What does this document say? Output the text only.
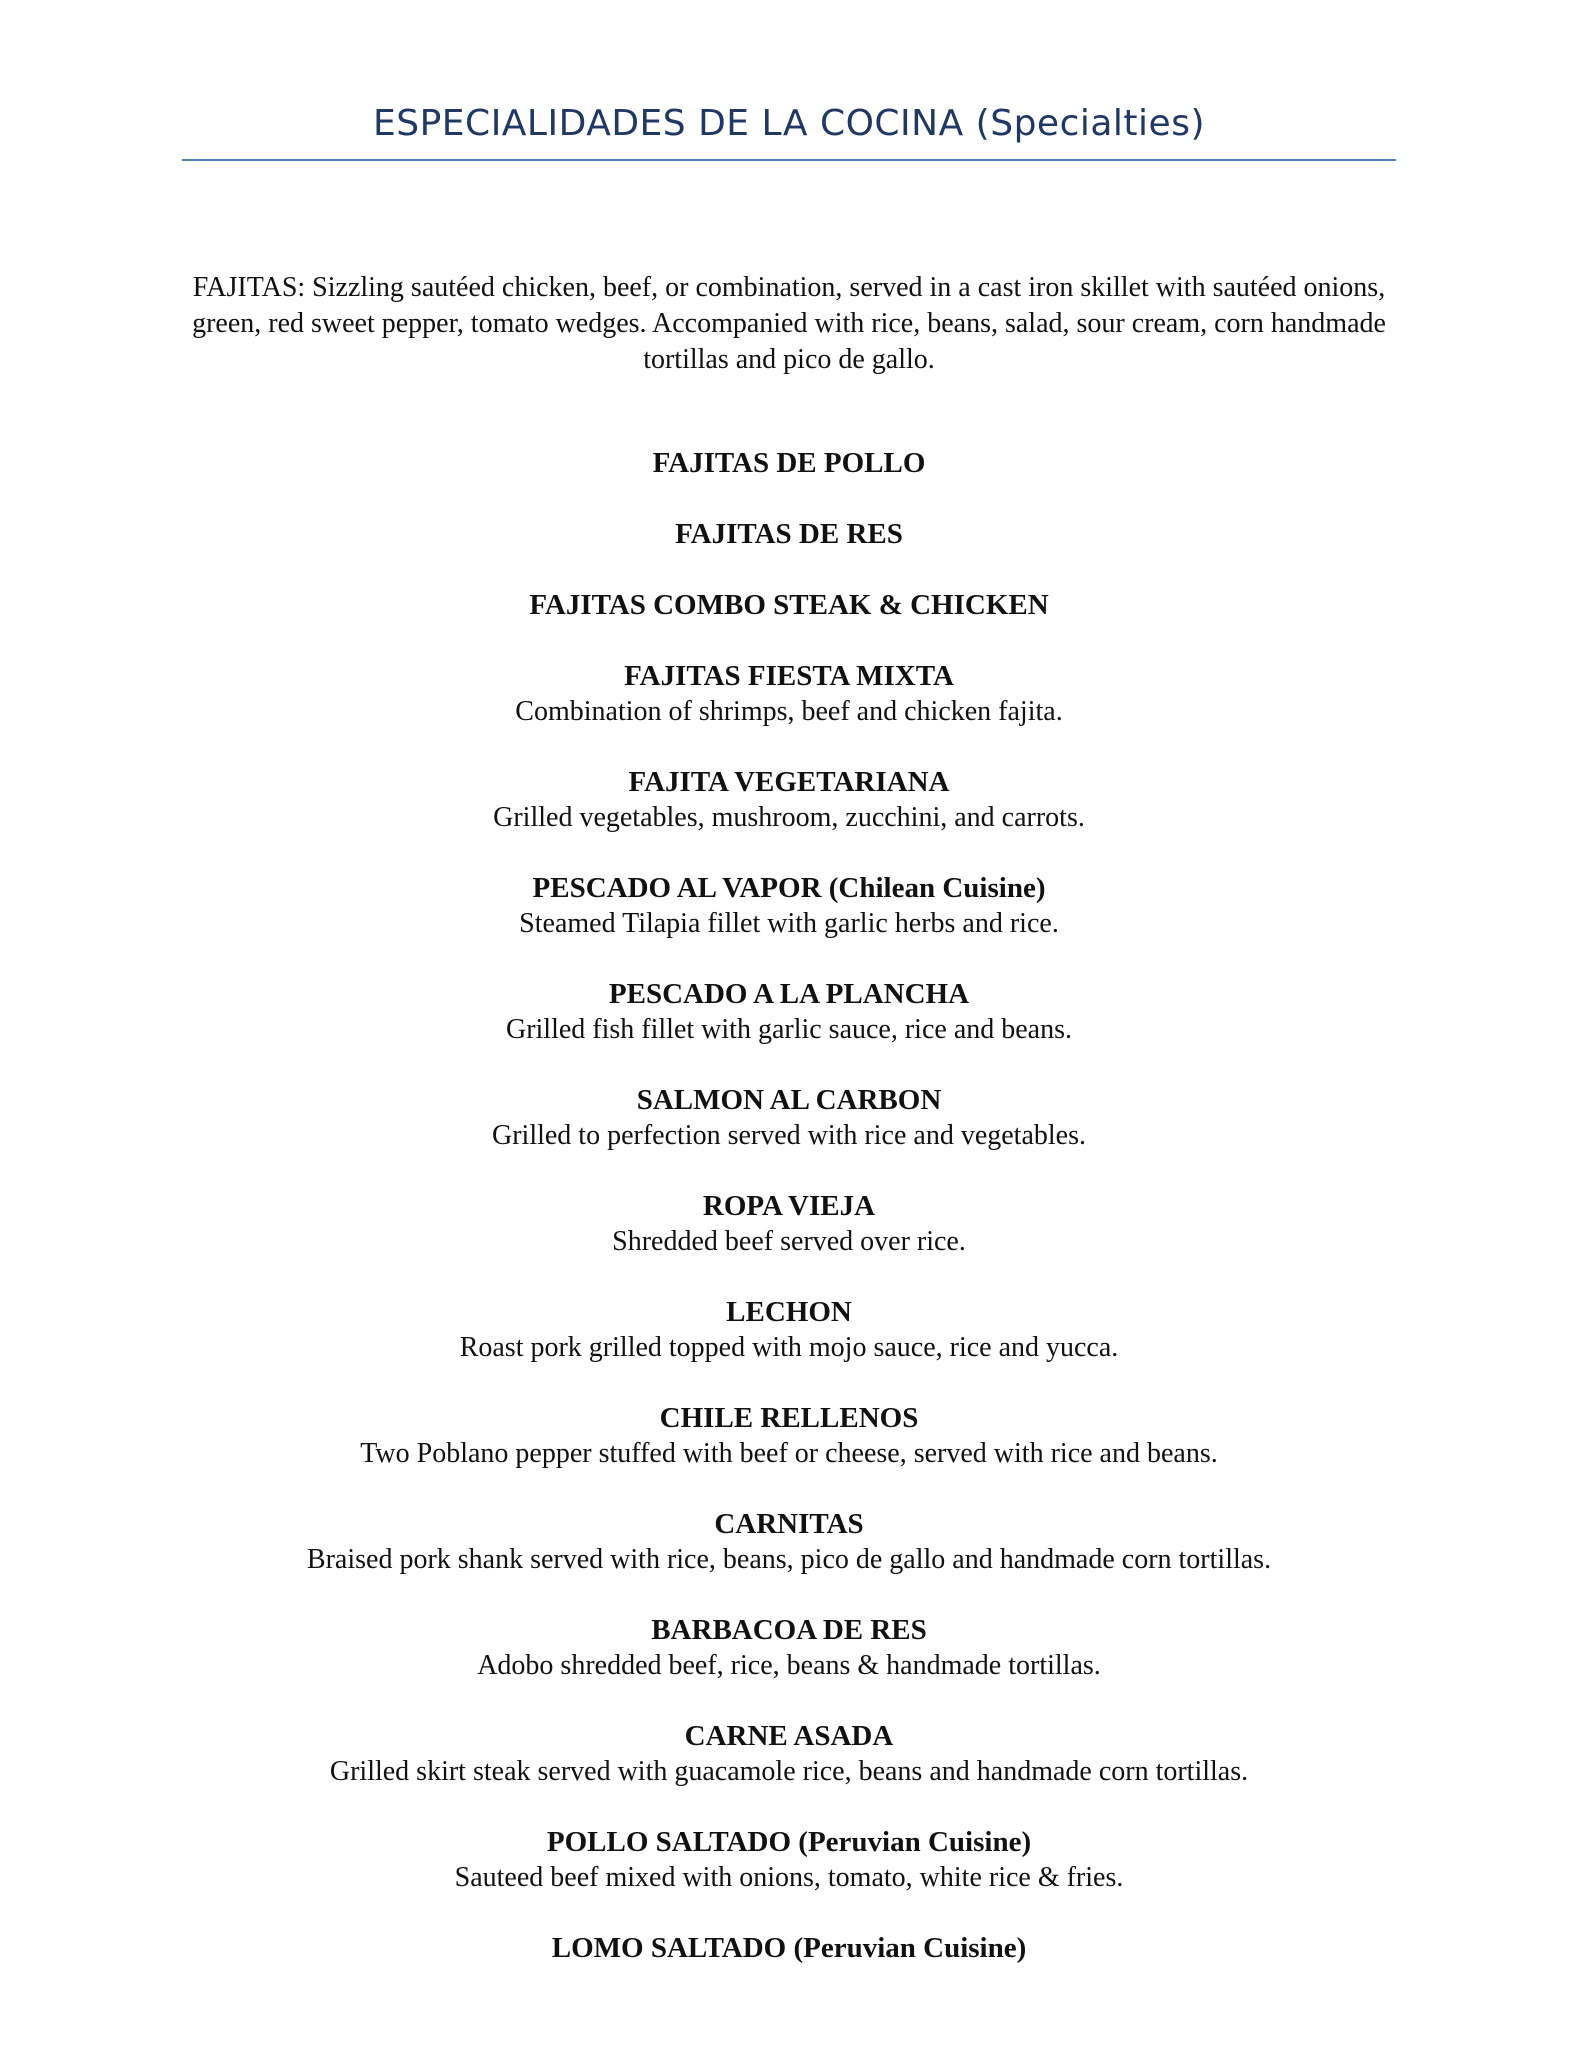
ESPECIALIDADES DE LA COCINA (Specialties)

FAJITAS: Sizzling sautéed chicken, beef, or combination, served in a cast iron skillet with sautéed onions, green, red sweet pepper, tomato wedges. Accompanied with rice, beans, salad, sour cream, corn handmade tortillas and pico de gallo.

FAJITAS DE POLLO
FAJITAS DE RES
FAJITAS COMBO STEAK & CHICKEN
FAJITAS FIESTA MIXTA
Combination of shrimps, beef and chicken fajita.
FAJITA VEGETARIANA
Grilled vegetables, mushroom, zucchini, and carrots.
PESCADO AL VAPOR (Chilean Cuisine)
Steamed Tilapia fillet with garlic herbs and rice.
PESCADO A LA PLANCHA
Grilled fish fillet with garlic sauce, rice and beans.
SALMON AL CARBON
Grilled to perfection served with rice and vegetables.
ROPA VIEJA
Shredded beef served over rice.
LECHON
Roast pork grilled topped with mojo sauce, rice and yucca.
CHILE RELLENOS
Two Poblano pepper stuffed with beef or cheese, served with rice and beans.
CARNITAS
Braised pork shank served with rice, beans, pico de gallo and handmade corn tortillas.
BARBACOA DE RES
Adobo shredded beef, rice, beans & handmade tortillas.
CARNE ASADA
Grilled skirt steak served with guacamole rice, beans and handmade corn tortillas.
POLLO SALTADO (Peruvian Cuisine)
Sauteed beef mixed with onions, tomato, white rice & fries.
LOMO SALTADO (Peruvian Cuisine)
